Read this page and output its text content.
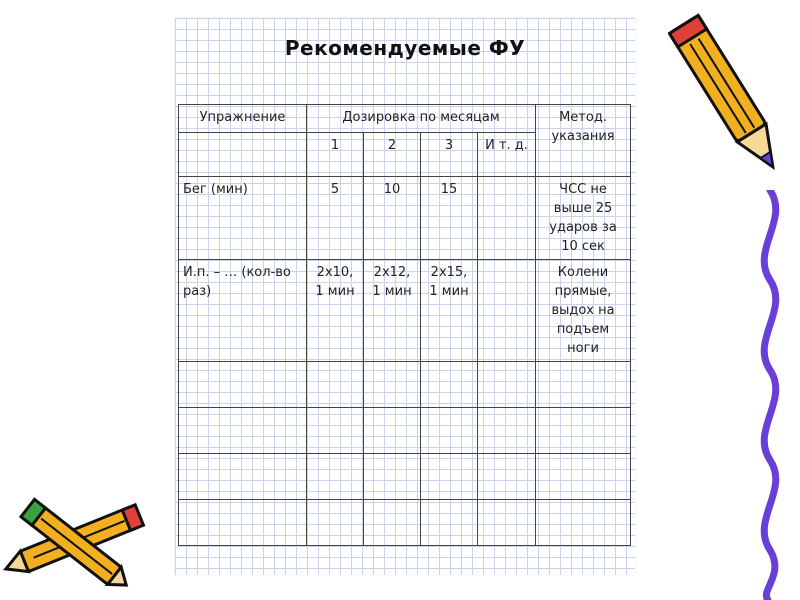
Рекомендуемые ФУ
Упражнение	Дозировка по месяцам				Метод. указания
	1	2	3	И т. д.	
Бег (мин)	5	10	15		ЧСС не выше 25 ударов за 10 сек
И.п. – … (кол-во раз)	2х10, 1 мин	2х12, 1 мин	2х15, 1 мин		Колени прямые, выдох на подъем ноги
